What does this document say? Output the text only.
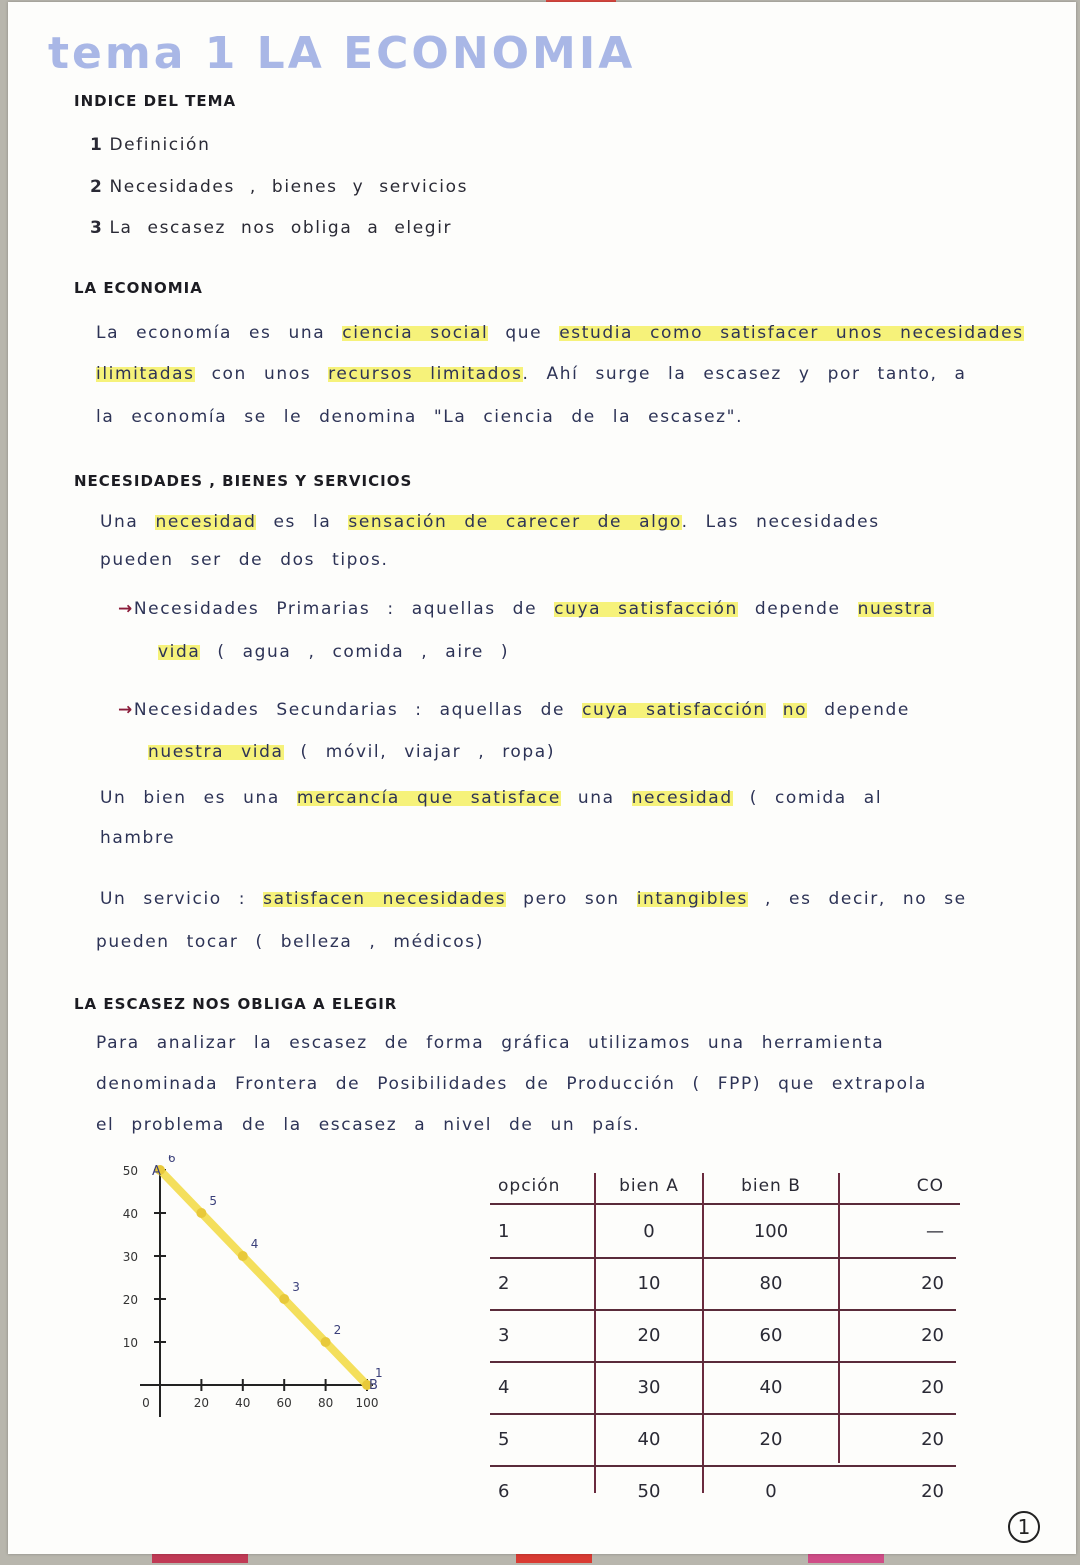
tema 1 LA ECONOMIA
INDICE DEL TEMA
1 Definición
2 Necesidades , bienes y servicios
3 La escasez nos obliga a elegir
LA ECONOMIA
La economía es una ciencia social que estudia como satisfacer unos necesidades
ilimitadas con unos recursos limitados. Ahí surge la escasez y por tanto, a
la economía se le denomina "La ciencia de la escasez".
NECESIDADES , BIENES Y SERVICIOS
Una necesidad es la sensación de carecer de algo. Las necesidades
pueden ser de dos tipos.
→Necesidades Primarias : aquellas de cuya satisfacción depende nuestra
vida ( agua , comida , aire )
→Necesidades Secundarias : aquellas de cuya satisfacción no depende
nuestra vida ( móvil, viajar , ropa)
Un bien es una mercancía que satisface una necesidad ( comida al
hambre
Un servicio : satisfacen necesidades pero son intangibles , es decir, no se
pueden tocar ( belleza , médicos)
LA ESCASEZ NOS OBLIGA A ELEGIR
Para analizar la escasez de forma gráfica utilizamos una herramienta
denominada Frontera de Posibilidades de Producción ( FPP) que extrapola
el problema de la escasez a nivel de un país.
10
20
30
40
50
0	20 40 60 80 100
6
5
4
3
2
1
A
B
opción	bien A	bien B	CO
1	0	100	—
2	10	80	20
3	20	60	20
4	30	40	20
5	40	20	20
6	50	0	20
1
